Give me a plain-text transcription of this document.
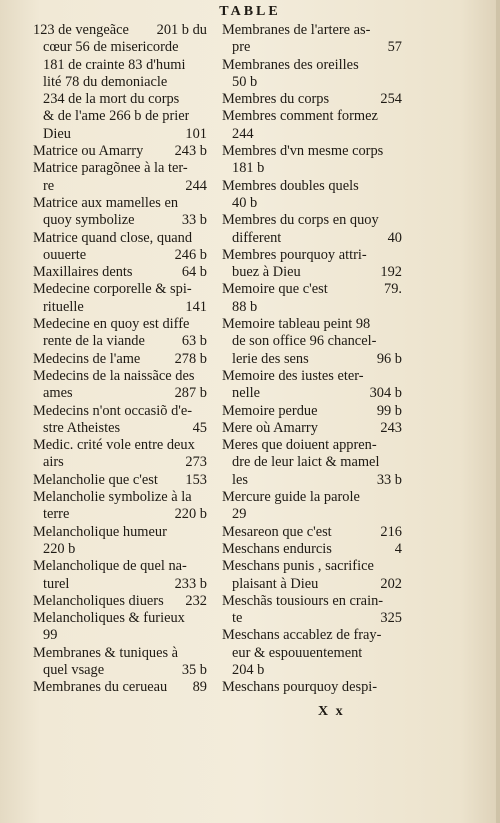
TABLE
123 de vengeãce 201 b du
cœur 56 de misericorde
181 de crainte 83 d'humi
lité 78 du demoniacle
234 de la mort du corps
& de l'ame 266 b de prier
Dieu	101
Matrice ou Amarry 243 b
Matrice paragõnee à la ter-
re	244
Matrice aux mamelles en
quoy symbolize	33 b
Matrice quand close, quand
ouuerte	246 b
Maxillaires dents	64 b
Medecine corporelle & spi-
rituelle	141
Medecine en quoy est diffe
rente de la viande	63 b
Medecins de l'ame 278 b
Medecins de la naissãce des
ames	287 b
Medecins n'ont occasiõ d'e-
stre Atheistes	45
Medic. crité vole entre deux
airs	273
Melancholie que c'est 153
Melancholie symbolize à la
terre	220 b
Melancholique humeur
220 b
Melancholique de quel na-
turel	233 b
Melancholiques diuers 232
Melancholiques & furieux
99
Membranes & tuniques à
quel vsage	35 b
Membranes du cerueau 89
Membranes de l'artere as-
pre	57
Membranes des oreilles
50 b
Membres du corps	254
Membres comment formez
244
Membres d'vn mesme corps
181 b
Membres doubles quels
40 b
Membres du corps en quoy
different	40
Membres pourquoy attri-
buez à Dieu	192
Memoire que c'est	79.
88 b
Memoire tableau peint 98
de son office 96 chancel-
lerie des sens	96 b
Memoire des iustes eter-
nelle	304 b
Memoire perdue	99 b
Mere où Amarry	243
Meres que doiuent appren-
dre de leur laict & mamel
les	33 b
Mercure guide la parole
29
Mesareon que c'est	216
Meschans endurcis	4
Meschans punis , sacrifice
plaisant à Dieu	202
Meschãs tousiours en crain-
te	325
Meschans accablez de fray-
eur & espouuentement
204 b
Meschans pourquoy despi-
X x
